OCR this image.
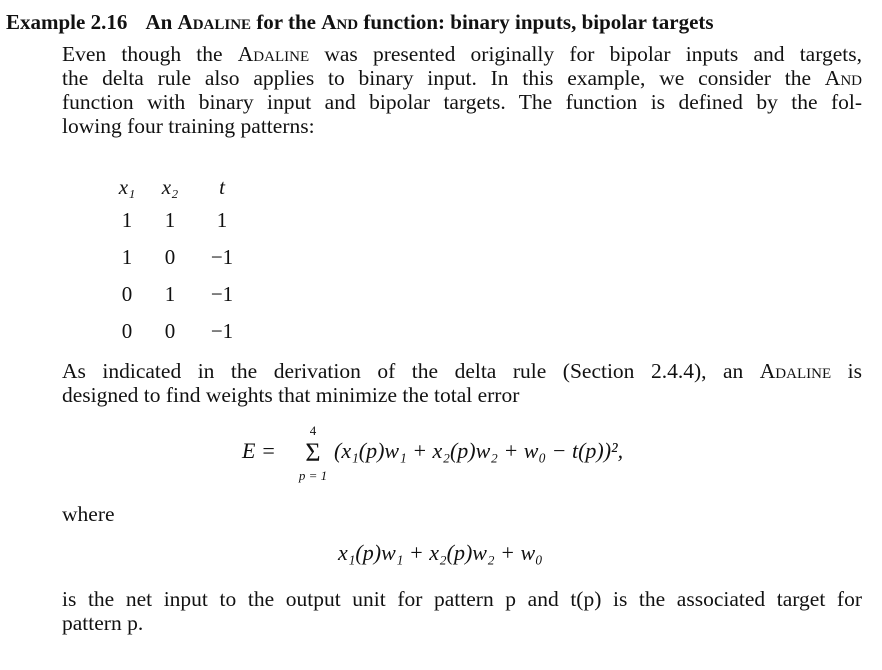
Example 2.16 An Adaline for the And function: binary inputs, bipolar targets
Even though the Adaline was presented originally for bipolar inputs and targets,
the delta rule also applies to binary input. In this example, we consider the And
function with binary input and bipolar targets. The function is defined by the fol-
lowing four training patterns:
x₁	x₂	t
1	1	1
1	0	−1
0	1	−1
0	0	−1
As indicated in the derivation of the delta rule (Section 2.4.4), an Adaline is
designed to find weights that minimize the total error
E =
4
Σ
p = 1
(x₁(p)w₁ + x₂(p)w₂ + w₀ − t(p))²,
where
x₁(p)w₁ + x₂(p)w₂ + w₀
is the net input to the output unit for pattern p and t(p) is the associated target for
pattern p.
